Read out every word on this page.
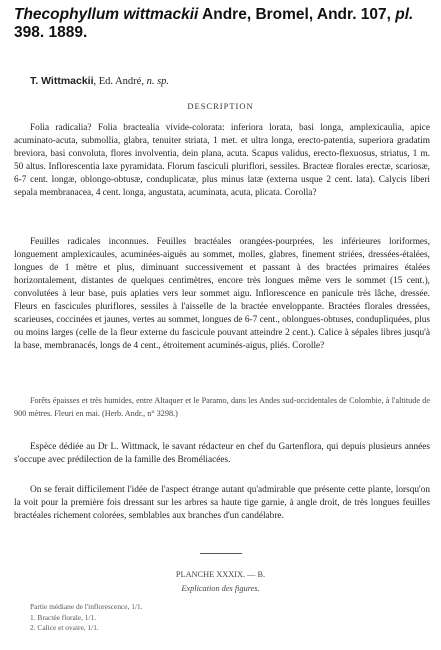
Thecophyllum wittmackii Andre, Bromel, Andr. 107, pl.
398. 1889.
T. Wittmackii, Ed. André, n. sp.
DESCRIPTION

Folia radicalia? Folia bractealia vivide-colorata: inferiora lorata, basi longa, amplexicaulia, apice acuminato-acuta, submollia, glabra, tenuiter striata, 1 met. et ultra longa, erecto-patentia, superiora gradatim breviora, basi convoluta, flores involventia, dein plana, acuta. Scapus validus, erecto-flexuosus, striatus, 1 m. 50 altus. Inflorescentia laxe pyramidata. Florum fasciculi pluriflori, sessiles. Bracteæ florales erectæ, scariosæ, 6-7 cent. longæ, oblongo-obtusæ, conduplicatæ, plus minus latæ (externa usque 2 cent. lata). Calycis liberi sepala membranacea, 4 cent. longa, angustata, acuminata, acuta, plicata. Corolla?

Feuilles radicales inconnues. Feuilles bractéales orangées-pourprées, les inférieures loriformes, longuement amplexicaules, acuminées-aiguës au sommet, molles, glabres, finement striées, dressées-étalées, longues de 1 mètre et plus, diminuant successivement et passant à des bractées primaires étalées horizontalement, distantes de quelques centimètres, encore très longues même vers le sommet (15 cent.), convolutées à leur base, puis aplaties vers leur sommet aigu. Inflorescence en panicule très lâche, dressée. Fleurs en fascicules pluriflores, sessiles à l'aisselle de la bractée enveloppante. Bractées florales dressées, scarieuses, coccinées et jaunes, vertes au sommet, longues de 6-7 cent., oblongues-obtuses, condupliquées, plus ou moins larges (celle de la fleur externe du fascicule pouvant atteindre 2 cent.). Calice à sépales libres jusqu'à la base, membranacés, longs de 4 cent., étroitement acuminés-aigus, pliés. Corolle?

Forêts épaisses et très humides, entre Altaquer et le Paramo, dans les Andes sud-occidentales de Colombie, à l'altitude de 900 mètres. Fleuri en mai. (Herb. Andr., n° 3298.)

Espèce dédiée au Dr L. Wittmack, le savant rédacteur en chef du Gartenflora, qui depuis plusieurs années s'occupe avec prédilection de la famille des Broméliacées.

On se ferait difficilement l'idée de l'aspect étrange autant qu'admirable que présente cette plante, lorsqu'on la voit pour la première fois dressant sur les arbres sa haute tige garnie, à angle droit, de très longues feuilles bractéales richement colorées, semblables aux branches d'un candélabre.

PLANCHE XXXIX. — B.
Explication des figures.
Partie médiane de l'inflorescence, 1/1.
1. Bractée florale, 1/1.
2. Calice et ovaire, 1/1.
